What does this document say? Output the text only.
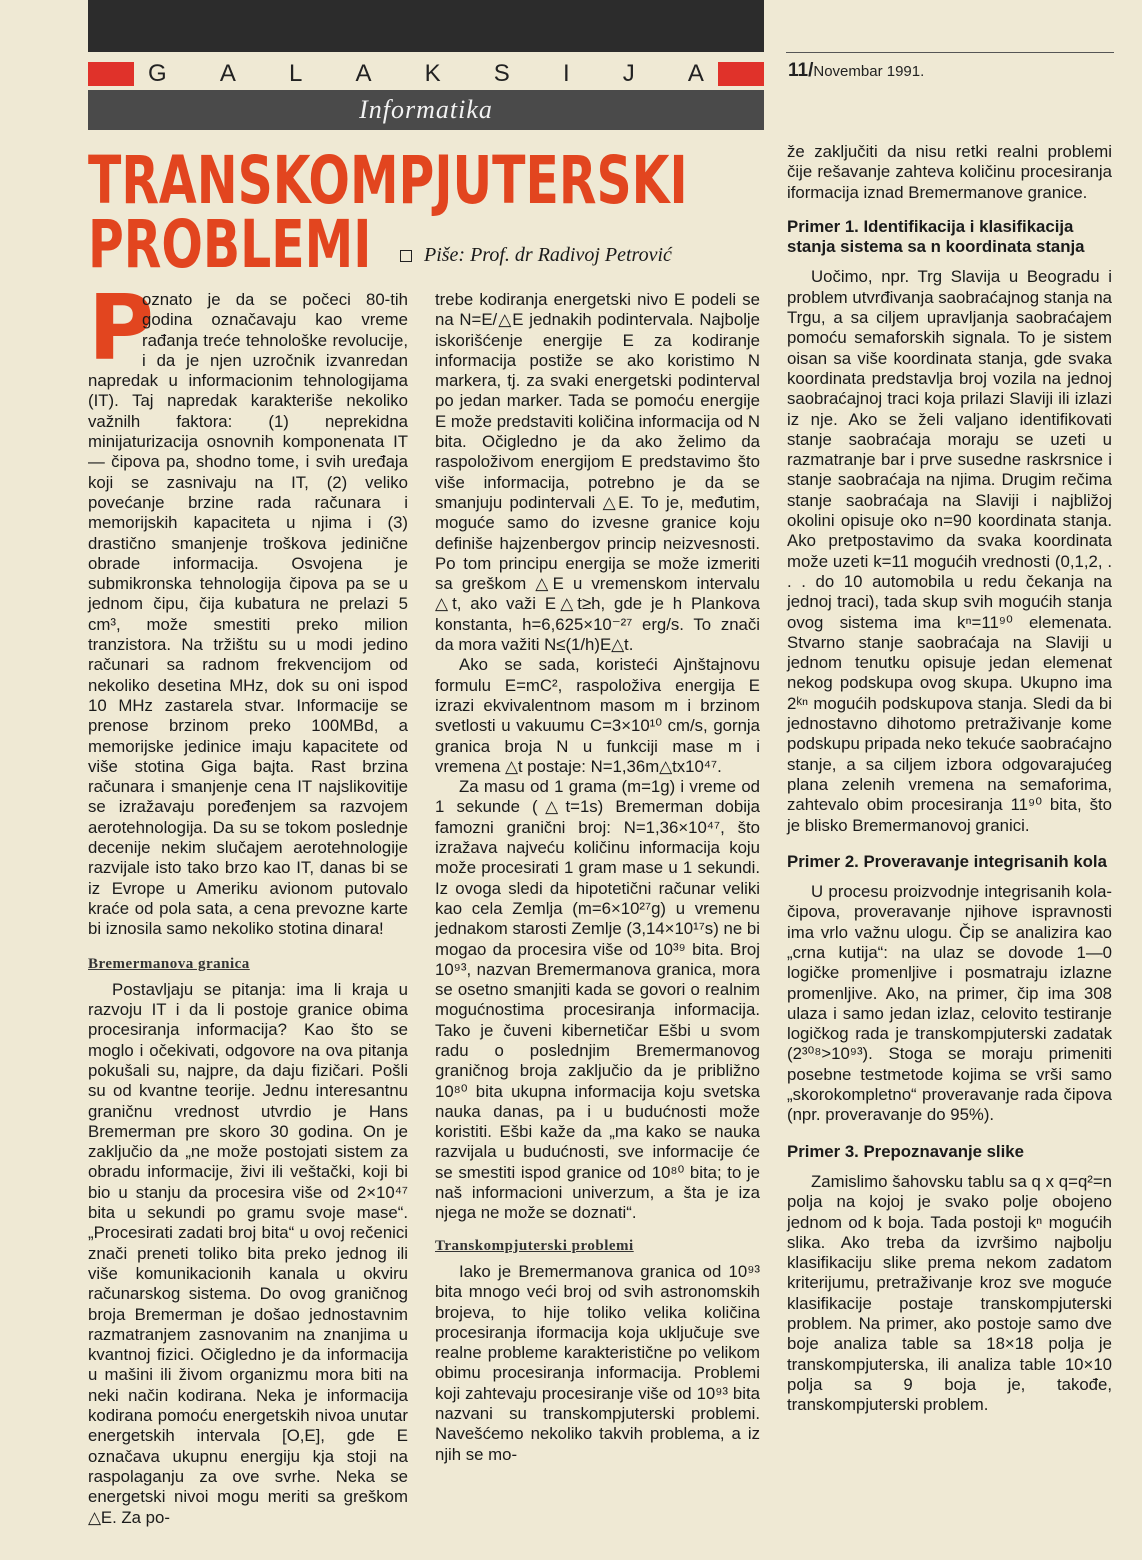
G A L A K S I J A	11/Novembar 1991.
Informatika
TRANSKOMPJUTERSKI
PROBLEMI	Piše: Prof. dr Radivoj Petrović

P
oznato je da se počeci 80-tih godina označavaju kao vreme rađanja treće tehnološke revolucije, i da je njen uzročnik izvanredan napredak u informacionim tehnologijama (IT). Taj napredak karakteriše nekoliko važnilh faktora: (1) neprekidna minijaturizacija osnovnih komponenata IT — čipova pa, shodno tome, i svih uređaja koji se zasnivaju na IT, (2) veliko povećanje brzine rada računara i memorijskih kapaciteta u njima i (3) drastično smanjenje troškova jedinične obrade informacija. Osvojena je submikronska tehnologija čipova pa se u jednom čipu, čija kubatura ne prelazi 5 cm³, može smestiti preko milion tranzistora. Na tržištu su u modi jedino računari sa radnom frekvencijom od nekoliko desetina MHz, dok su oni ispod 10 MHz zastarela stvar. Informacije se prenose brzinom preko 100MBd, a memorijske jedinice imaju kapacitete od više stotina Giga bajta. Rast brzina računara i smanjenje cena IT najslikovitije se izražavaju poređenjem sa razvojem aerotehnologija. Da su se tokom poslednje decenije nekim slučajem aerotehnologije razvijale isto tako brzo kao IT, danas bi se iz Evrope u Ameriku avionom putovalo kraće od pola sata, a cena prevozne karte bi iznosila samo nekoliko stotina dinara!

Bremermanova granica

Postavljaju se pitanja: ima li kraja u razvoju IT i da li postoje granice obima procesiranja informacija? Kao što se moglo i očekivati, odgovore na ova pitanja pokušali su, najpre, da daju fizičari. Pošli su od kvantne teorije. Jednu interesantnu graničnu vrednost utvrdio je Hans Bremerman pre skoro 30 godina. On je zaključio da „ne može postojati sistem za obradu informacije, živi ili veštački, koji bi bio u stanju da procesira više od 2×10⁴⁷ bita u sekundi po gramu svoje mase“. „Procesirati zadati broj bita“ u ovoj rečenici znači preneti toliko bita preko jednog ili više komunikacionih kanala u okviru računarskog sistema. Do ovog graničnog broja Bremerman je došao jednostavnim razmatranjem zasnovanim na znanjima u kvantnoj fizici. Očigledno je da informacija u mašini ili živom organizmu mora biti na neki način kodirana. Neka je informacija kodirana pomoću energetskih nivoa unutar energetskih intervala [O,E], gde E označava ukupnu energiju kja stoji na raspolaganju za ove svrhe. Neka se energetski nivoi mogu meriti sa greškom △E. Za po-

trebe kodiranja energetski nivo E podeli se na N=E/△E jednakih podintervala. Najbolje iskorišćenje energije E za kodiranje informacija postiže se ako koristimo N markera, tj. za svaki energetski podinterval po jedan marker. Tada se pomoću energije E može predstaviti količina informacija od N bita. Očigledno je da ako želimo da raspoloživom energijom E predstavimo što više informacija, potrebno je da se smanjuju podintervali △E. To je, međutim, moguće samo do izvesne granice koju definiše hajzenbergov princip neizvesnosti. Po tom principu energija se može izmeriti sa greškom △E u vremenskom intervalu △t, ako važi E△t≥h, gde je h Plankova konstanta, h=6,625×10⁻²⁷ erg/s. To znači da mora važiti N≤(1/h)E△t.

Ako se sada, koristeći Ajnštajnovu formulu E=mC², raspoloživa energija E izrazi ekvivalentnom masom m i brzinom svetlosti u vakuumu C=3×10¹⁰ cm/s, gornja granica broja N u funkciji mase m i vremena △t postaje: N=1,36m△tx10⁴⁷.

Za masu od 1 grama (m=1g) i vreme od 1 sekunde (△t=1s) Bremerman dobija famozni granični broj: N=1,36×10⁴⁷, što izražava najveću količinu informacija koju može procesirati 1 gram mase u 1 sekundi. Iz ovoga sledi da hipotetični računar veliki kao cela Zemlja (m=6×10²⁷g) u vremenu jednakom starosti Zemlje (3,14×10¹⁷s) ne bi mogao da procesira više od 10³⁹ bita. Broj 10⁹³, nazvan Bremermanova granica, mora se osetno smanjiti kada se govori o realnim mogućnostima procesiranja informacija. Tako je čuveni kibernetičar Ešbi u svom radu o poslednjim Bremermanovog graničnog broja zaključio da je približno 10⁸⁰ bita ukupna informacija koju svetska nauka danas, pa i u budućnosti može koristiti. Ešbi kaže da „ma kako se nauka razvijala u budućnosti, sve informacije će se smestiti ispod granice od 10⁸⁰ bita; to je naš informacioni univerzum, a šta je iza njega ne može se doznati“.

Transkompjuterski problemi

Iako je Bremermanova granica od 10⁹³ bita mnogo veći broj od svih astronomskih brojeva, to hije toliko velika količina procesiranja iformacija koja uključuje sve realne probleme karakteristične po velikom obimu procesiranja informacija. Problemi koji zahtevaju procesiranje više od 10⁹³ bita nazvani su transkompjuterski problemi. Navešćemo nekoliko takvih problema, a iz njih se mo-

že zaključiti da nisu retki realni problemi čije rešavanje zahteva količinu procesiranja iformacija iznad Bremermanove granice.

Primer 1. Identifikacija i klasifikacija stanja sistema sa n koordinata stanja

Uočimo, npr. Trg Slavija u Beogradu i problem utvrđivanja saobraćajnog stanja na Trgu, a sa ciljem upravljanja saobraćajem pomoću semaforskih signala. To je sistem oisan sa više koordinata stanja, gde svaka koordinata predstavlja broj vozila na jednoj saobraćajnoj traci koja prilazi Slaviji ili izlazi iz nje. Ako se želi valjano identifikovati stanje saobraćaja moraju se uzeti u razmatranje bar i prve susedne raskrsnice i stanje saobraćaja na njima. Drugim rečima stanje saobraćaja na Slaviji i najbližoj okolini opisuje oko n=90 koordinata stanja. Ako pretpostavimo da svaka koordinata može uzeti k=11 mogućih vrednosti (0,1,2, . . . do 10 automobila u redu čekanja na jednoj traci), tada skup svih mogućih stanja ovog sistema ima kⁿ=11⁹⁰ elemenata. Stvarno stanje saobraćaja na Slaviji u jednom tenutku opisuje jedan elemenat nekog podskupa ovog skupa. Ukupno ima 2ᵏⁿ mogućih podskupova stanja. Sledi da bi jednostavno dihotomo pretraživanje kome podskupu pripada neko tekuće saobraćajno stanje, a sa ciljem izbora odgovarajućeg plana zelenih vremena na semaforima, zahtevalo obim procesiranja 11⁹⁰ bita, što je blisko Bremermanovoj granici.

Primer 2. Proveravanje integrisanih kola

U procesu proizvodnje integrisanih kola-čipova, proveravanje njihove ispravnosti ima vrlo važnu ulogu. Čip se analizira kao „crna kutija“: na ulaz se dovode 1—0 logičke promenljive i posmatraju izlazne promenljive. Ako, na primer, čip ima 308 ulaza i samo jedan izlaz, celovito testiranje logičkog rada je transkompjuterski zadatak (2³⁰⁸>10⁹³). Stoga se moraju primeniti posebne testmetode kojima se vrši samo „skorokompletno“ proveravanje rada čipova (npr. proveravanje do 95%).

Primer 3. Prepoznavanje slike

Zamislimo šahovsku tablu sa q x q=q²=n polja na kojoj je svako polje obojeno jednom od k boja. Tada postoji kⁿ mogućih slika. Ako treba da izvršimo najbolju klasifikaciju slike prema nekom zadatom kriterijumu, pretraživanje kroz sve moguće klasifikacije postaje transkompjuterski problem. Na primer, ako postoje samo dve boje analiza table sa 18×18 polja je transkompjuterska, ili analiza table 10×10 polja sa 9 boja je, takođe, transkompjuterski problem.
